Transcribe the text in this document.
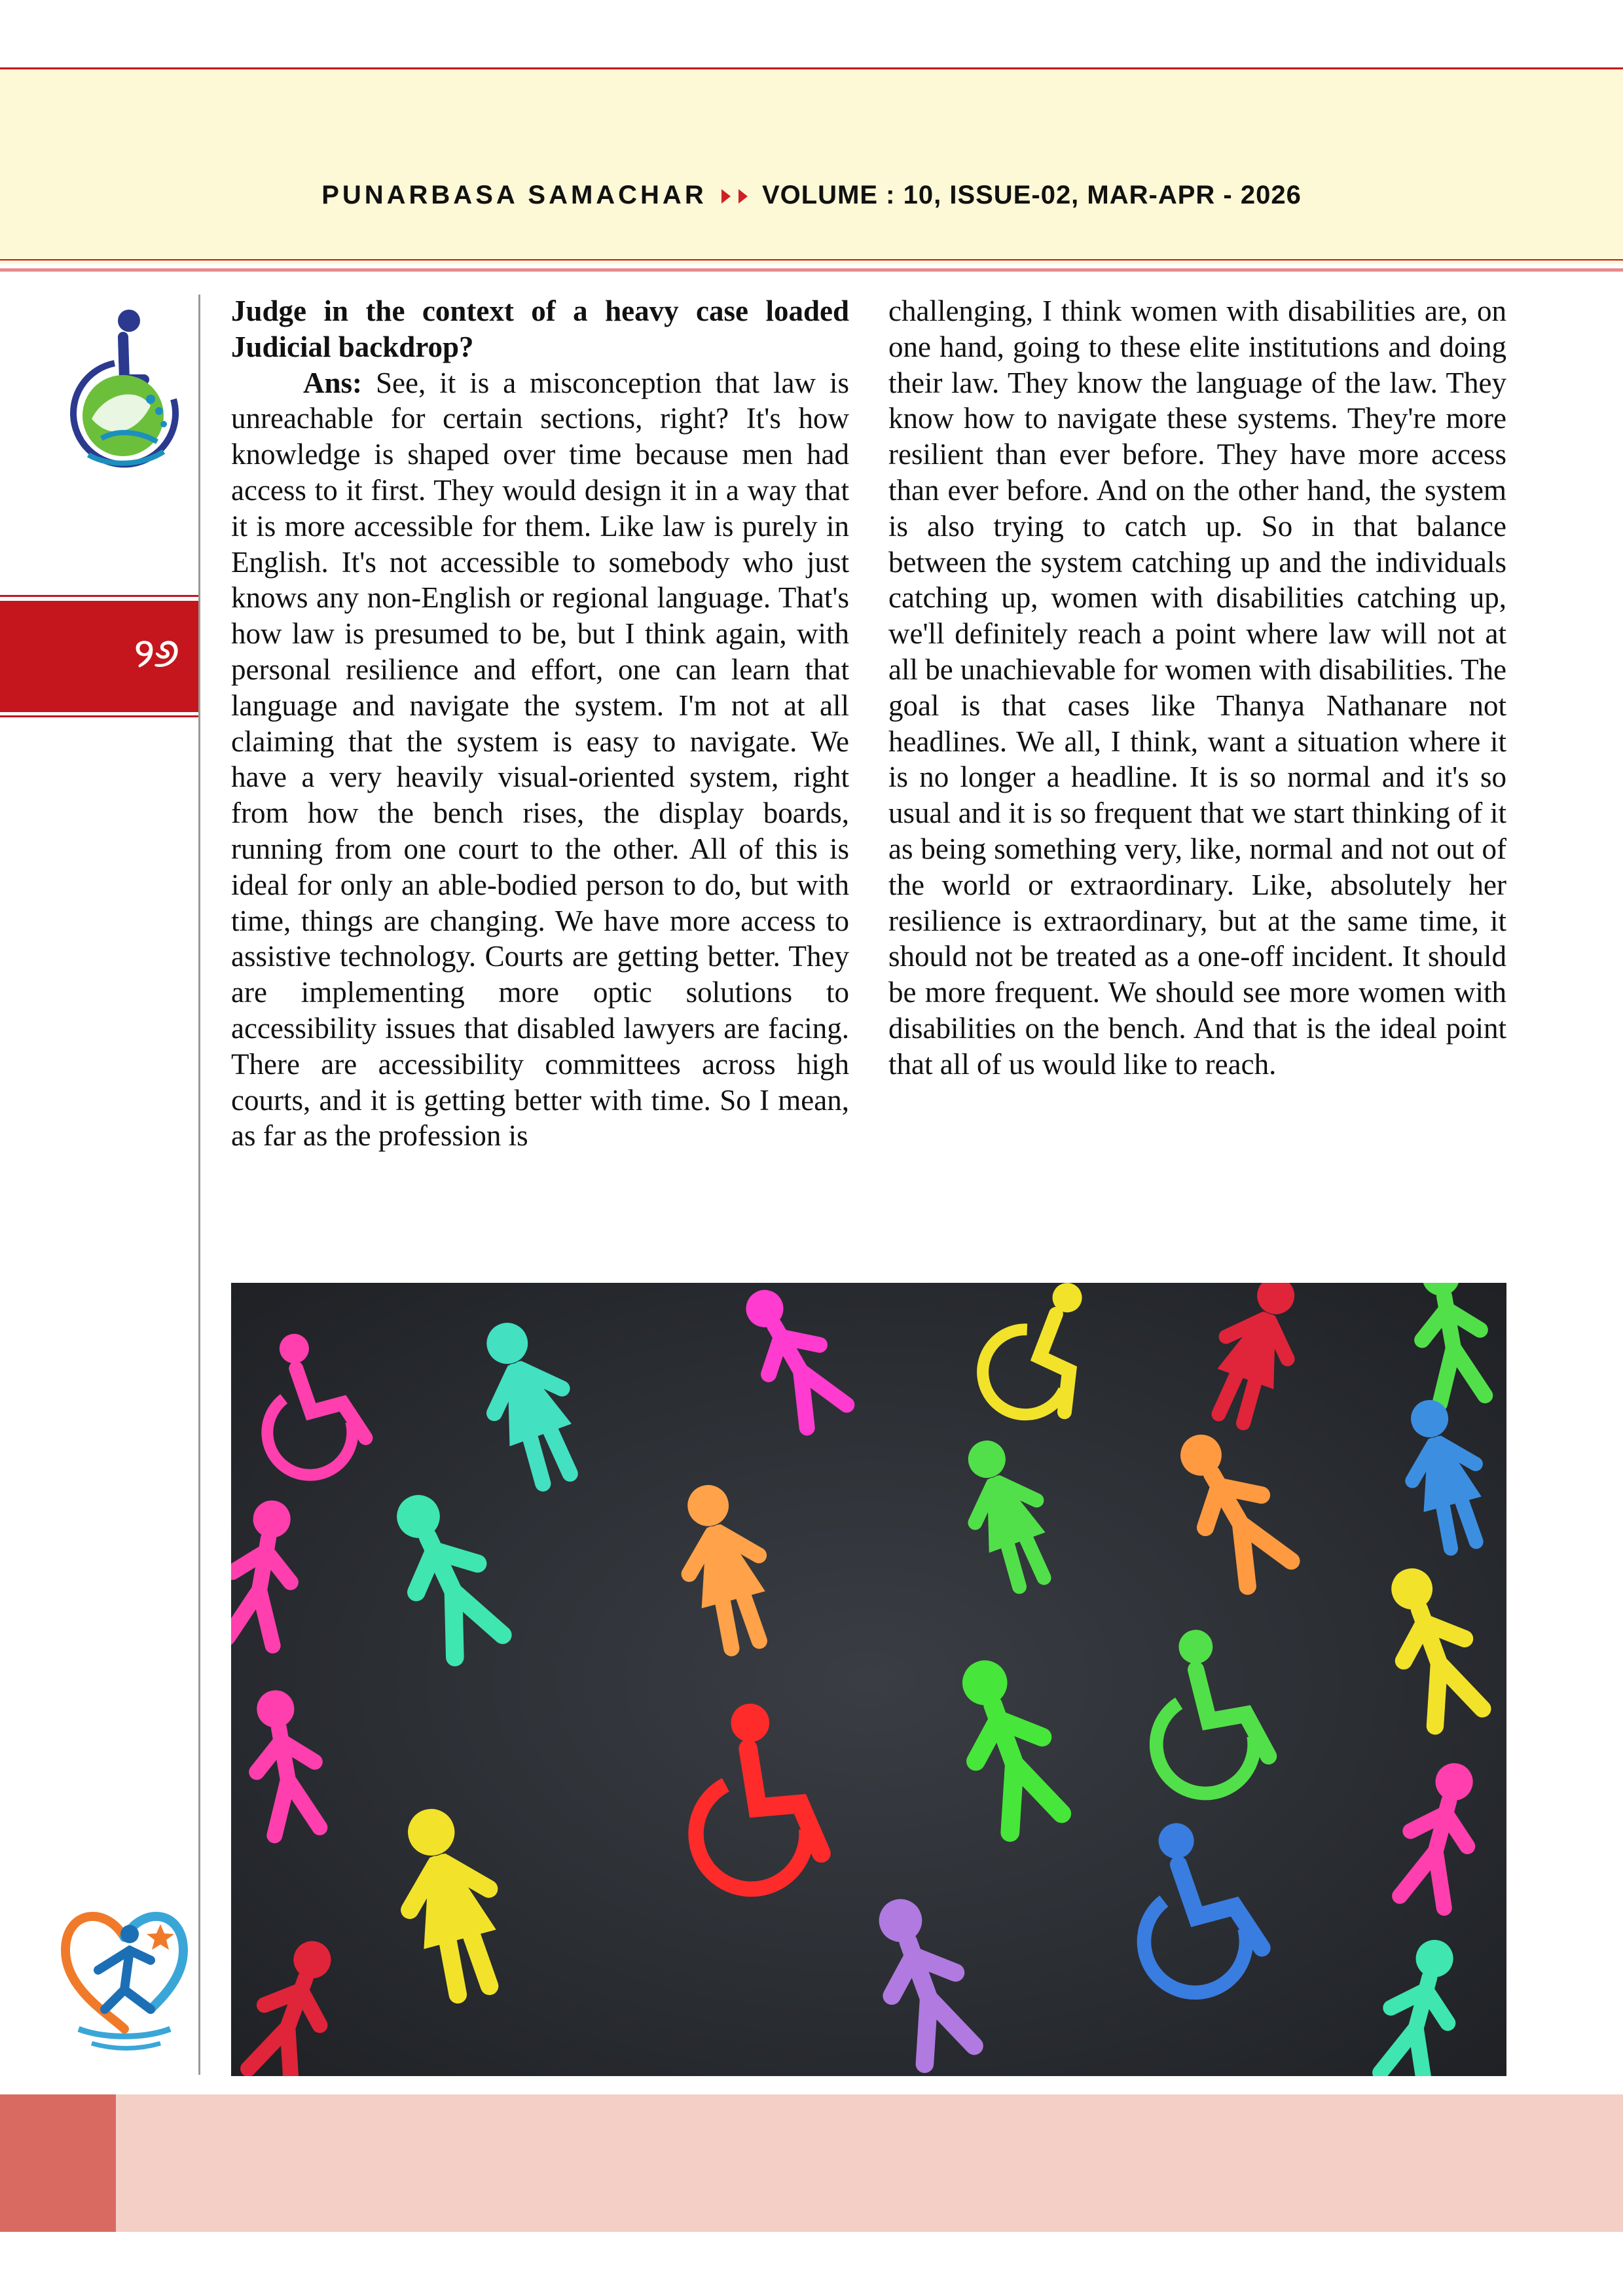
PUNARBASA SAMACHAR VOLUME : 10, ISSUE-02, MAR-APR - 2026
୨୬
Judge in the context of a heavy case loaded Judicial backdrop?
Ans: See, it is a misconception that law is unreachable for certain sections, right? It's how knowledge is shaped over time because men had access to it first. They would design it in a way that it is more accessible for them. Like law is purely in English. It's not accessible to somebody who just knows any non-English or regional language. That's how law is presumed to be, but I think again, with personal resilience and effort, one can learn that language and navigate the system. I'm not at all claiming that the system is easy to navigate. We have a very heavily visual-oriented system, right from how the bench rises, the display boards, running from one court to the other. All of this is ideal for only an able-bodied person to do, but with time, things are changing. We have more access to assistive technology. Courts are getting better. They are implementing more optic solutions to accessibility issues that disabled lawyers are facing. There are accessibility committees across high courts, and it is getting better with time. So I mean, as far as the profession is
challenging, I think women with disabilities are, on one hand, going to these elite institutions and doing their law. They know the language of the law. They know how to navigate these systems. They're more resilient than ever before. They have more access than ever before. And on the other hand, the system is also trying to catch up. So in that balance between the system catching up and the individuals catching up, women with disabilities catching up, we'll definitely reach a point where law will not at all be unachievable for women with disabilities. The goal is that cases like Thanya Nathanare not headlines. We all, I think, want a situation where it is no longer a headline. It is so normal and it's so usual and it is so frequent that we start thinking of it as being something very, like, normal and not out of the world or extraordinary. Like, absolutely her resilience is extraordinary, but at the same time, it should not be treated as a one-off incident. It should be more frequent. We should see more women with disabilities on the bench. And that is the ideal point that all of us would like to reach.
